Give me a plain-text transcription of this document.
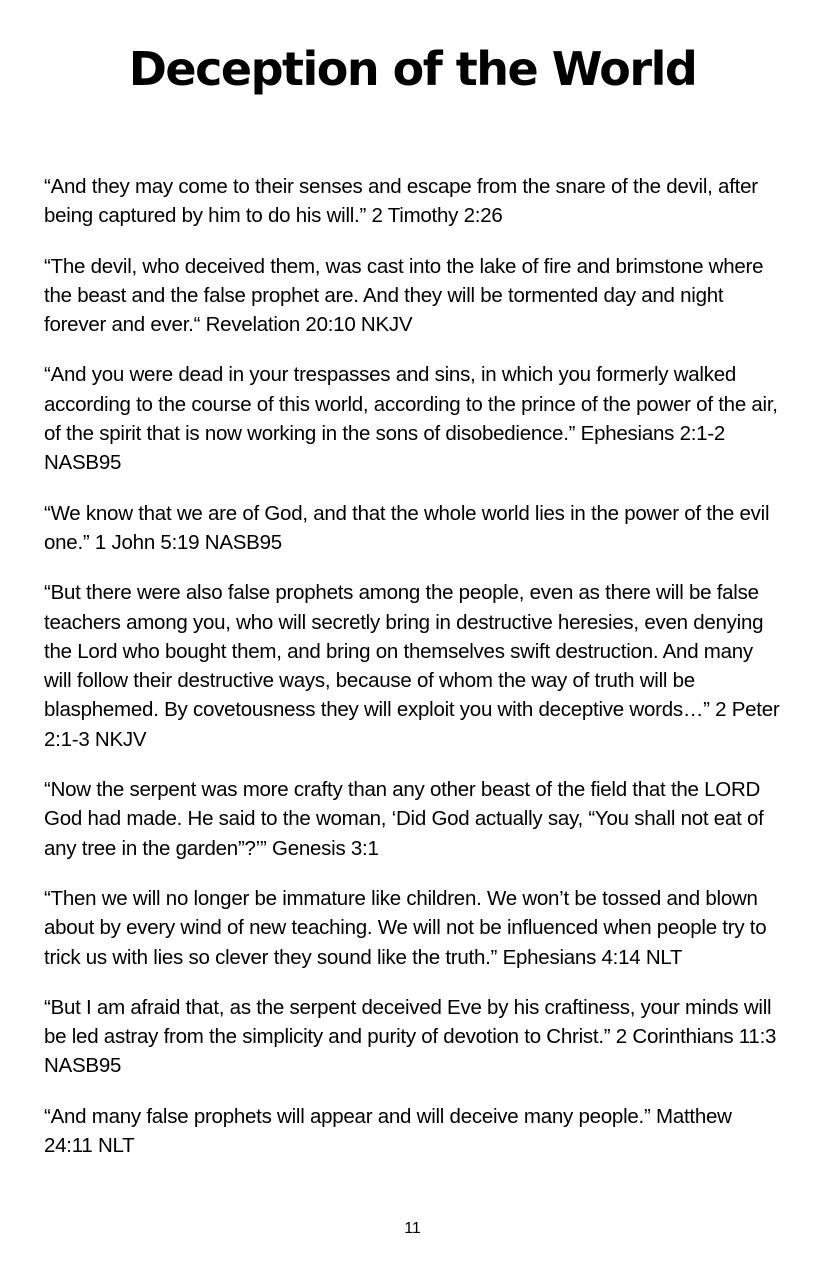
Deception of the World

“And they may come to their senses and escape from the snare of the devil, after being captured by him to do his will.” 2 Timothy 2:26

“The devil, who deceived them, was cast into the lake of fire and brimstone where the beast and the false prophet are. And they will be tormented day and night forever and ever.“ Revelation 20:10 NKJV

“And you were dead in your trespasses and sins, in which you formerly walked according to the course of this world, according to the prince of the power of the air, of the spirit that is now working in the sons of disobedience.” Ephesians 2:1-2 NASB95

“We know that we are of God, and that the whole world lies in the power of the evil one.” 1 John 5:19 NASB95

“But there were also false prophets among the people, even as there will be false teachers among you, who will secretly bring in destructive heresies, even denying the Lord who bought them, and bring on themselves swift destruction. And many will follow their destructive ways, because of whom the way of truth will be blasphemed. By covetousness they will exploit you with deceptive words…” 2 Peter 2:1-3 NKJV

“Now the serpent was more crafty than any other beast of the field that the LORD God had made. He said to the woman, ‘Did God actually say, “You shall not eat of any tree in the garden”?’” Genesis 3:1

“Then we will no longer be immature like children. We won’t be tossed and blown about by every wind of new teaching. We will not be influenced when people try to trick us with lies so clever they sound like the truth.” Ephesians 4:14 NLT

“But I am afraid that, as the serpent deceived Eve by his craftiness, your minds will be led astray from the simplicity and purity of devotion to Christ.” 2 Corinthians 11:3 NASB95

“And many false prophets will appear and will deceive many people.” Matthew 24:11 NLT

11
